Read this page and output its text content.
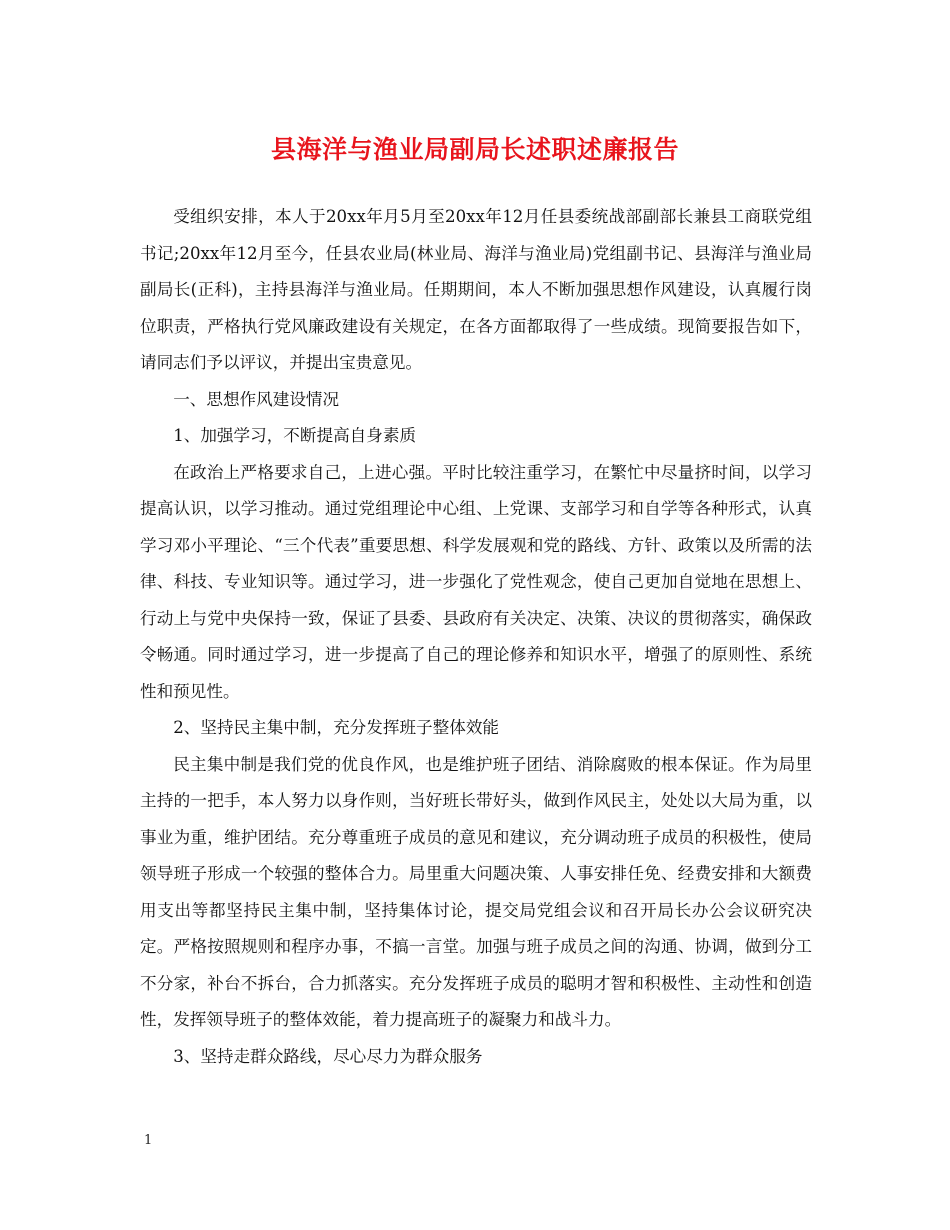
县海洋与渔业局副局长述职述廉报告

受组织安排，本人于20xx年月5月至20xx年12月任县委统战部副部长兼县工商联党组书记;20xx年12月至今，任县农业局(林业局、海洋与渔业局)党组副书记、县海洋与渔业局副局长(正科)，主持县海洋与渔业局。任期期间，本人不断加强思想作风建设，认真履行岗位职责，严格执行党风廉政建设有关规定，在各方面都取得了一些成绩。现简要报告如下，请同志们予以评议，并提出宝贵意见。

一、思想作风建设情况

1、加强学习，不断提高自身素质

在政治上严格要求自己，上进心强。平时比较注重学习，在繁忙中尽量挤时间，以学习提高认识，以学习推动。通过党组理论中心组、上党课、支部学习和自学等各种形式，认真学习邓小平理论、“三个代表”重要思想、科学发展观和党的路线、方针、政策以及所需的法律、科技、专业知识等。通过学习，进一步强化了党性观念，使自己更加自觉地在思想上、行动上与党中央保持一致，保证了县委、县政府有关决定、决策、决议的贯彻落实，确保政令畅通。同时通过学习，进一步提高了自己的理论修养和知识水平，增强了的原则性、系统性和预见性。

2、坚持民主集中制，充分发挥班子整体效能

民主集中制是我们党的优良作风，也是维护班子团结、消除腐败的根本保证。作为局里主持的一把手，本人努力以身作则，当好班长带好头，做到作风民主，处处以大局为重，以事业为重，维护团结。充分尊重班子成员的意见和建议，充分调动班子成员的积极性，使局领导班子形成一个较强的整体合力。局里重大问题决策、人事安排任免、经费安排和大额费用支出等都坚持民主集中制，坚持集体讨论，提交局党组会议和召开局长办公会议研究决定。严格按照规则和程序办事，不搞一言堂。加强与班子成员之间的沟通、协调，做到分工不分家，补台不拆台，合力抓落实。充分发挥班子成员的聪明才智和积极性、主动性和创造性，发挥领导班子的整体效能，着力提高班子的凝聚力和战斗力。

3、坚持走群众路线，尽心尽力为群众服务

1
